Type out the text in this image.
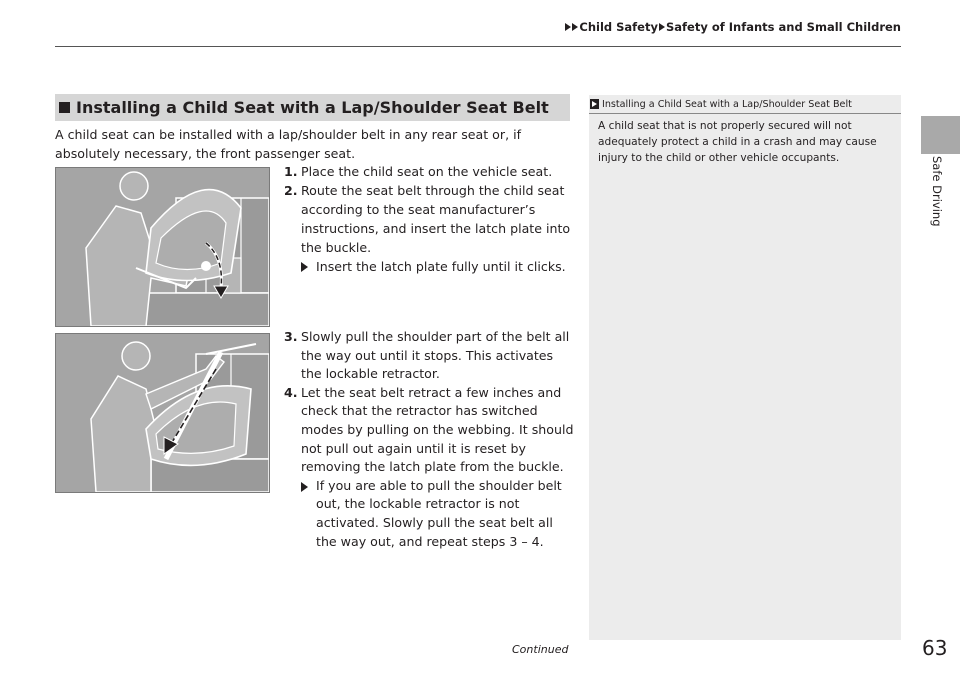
Child Safety Safety of Infants and Small Children
Safe Driving
Installing a Child Seat with a Lap/Shoulder Seat Belt
A child seat can be installed with a lap/shoulder belt in any rear seat or, if absolutely necessary, the front passenger seat.
1. Place the child seat on the vehicle seat.
2. Route the seat belt through the child seat according to the seat manufacturer’s instructions, and insert the latch plate into the buckle.
Insert the latch plate fully until it clicks.
3. Slowly pull the shoulder part of the belt all the way out until it stops. This activates the lockable retractor.
4. Let the seat belt retract a few inches and check that the retractor has switched modes by pulling on the webbing. It should not pull out again until it is reset by removing the latch plate from the buckle.
If you are able to pull the shoulder belt out, the lockable retractor is not activated. Slowly pull the seat belt all the way out, and repeat steps 3 – 4.
Installing a Child Seat with a Lap/Shoulder Seat Belt
A child seat that is not properly secured will not adequately protect a child in a crash and may cause injury to the child or other vehicle occupants.
Continued	63
